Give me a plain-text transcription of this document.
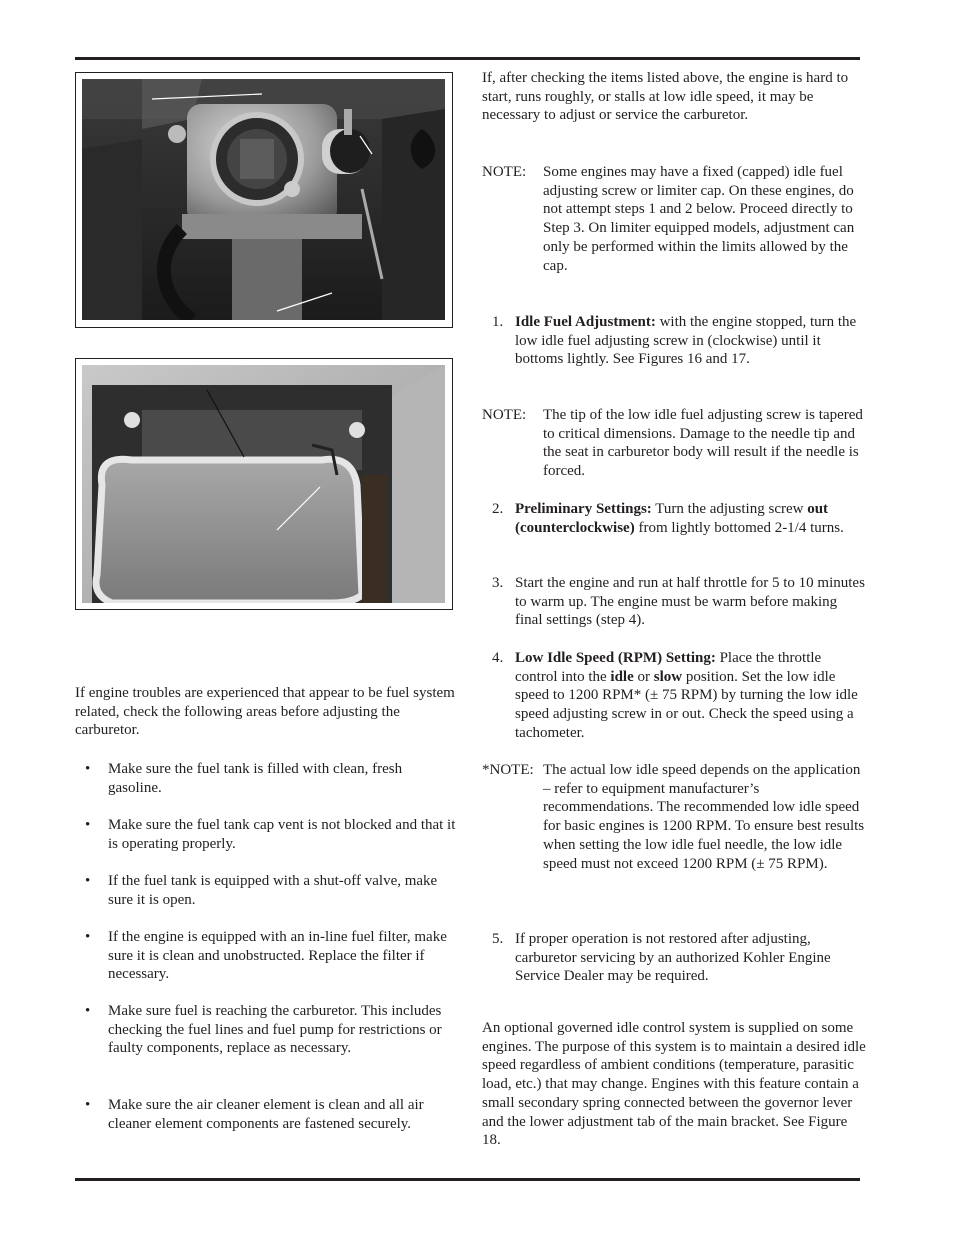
If engine troubles are experienced that appear to be fuel system related, check the following areas before adjusting the carburetor.

• Make sure the fuel tank is filled with clean, fresh gasoline.
• Make sure the fuel tank cap vent is not blocked and that it is operating properly.
• If the fuel tank is equipped with a shut-off valve, make sure it is open.
• If the engine is equipped with an in-line fuel filter, make sure it is clean and unobstructed. Replace the filter if necessary.
• Make sure fuel is reaching the carburetor. This includes checking the fuel lines and fuel pump for restrictions or faulty components, replace as necessary.
• Make sure the air cleaner element is clean and all air cleaner element components are fastened securely.

If, after checking the items listed above, the engine is hard to start, runs roughly, or stalls at low idle speed, it may be necessary to adjust or service the carburetor.

NOTE: Some engines may have a fixed (capped) idle fuel adjusting screw or limiter cap. On these engines, do not attempt steps 1 and 2 below. Proceed directly to Step 3. On limiter equipped models, adjustment can only be performed within the limits allowed by the cap.
1. Idle Fuel Adjustment: with the engine stopped, turn the low idle fuel adjusting screw in (clockwise) until it bottoms lightly. See Figures 16 and 17.
NOTE: The tip of the low idle fuel adjusting screw is tapered to critical dimensions. Damage to the needle tip and the seat in carburetor body will result if the needle is forced.
2. Preliminary Settings: Turn the adjusting screw out (counterclockwise) from lightly bottomed 2-1/4 turns.
3. Start the engine and run at half throttle for 5 to 10 minutes to warm up. The engine must be warm before making final settings (step 4).
4. Low Idle Speed (RPM) Setting: Place the throttle control into the idle or slow position. Set the low idle speed to 1200 RPM* (± 75 RPM) by turning the low idle speed adjusting screw in or out. Check the speed using a tachometer.
*NOTE: The actual low idle speed depends on the application – refer to equipment manufacturer’s recommendations. The recommended low idle speed for basic engines is 1200 RPM. To ensure best results when setting the low idle fuel needle, the low idle speed must not exceed 1200 RPM (± 75 RPM).
5. If proper operation is not restored after adjusting, carburetor servicing by an authorized Kohler Engine Service Dealer may be required.

An optional governed idle control system is supplied on some engines. The purpose of this system is to maintain a desired idle speed regardless of ambient conditions (temperature, parasitic load, etc.) that may change. Engines with this feature contain a small secondary spring connected between the governor lever and the lower adjustment tab of the main bracket. See Figure 18.
